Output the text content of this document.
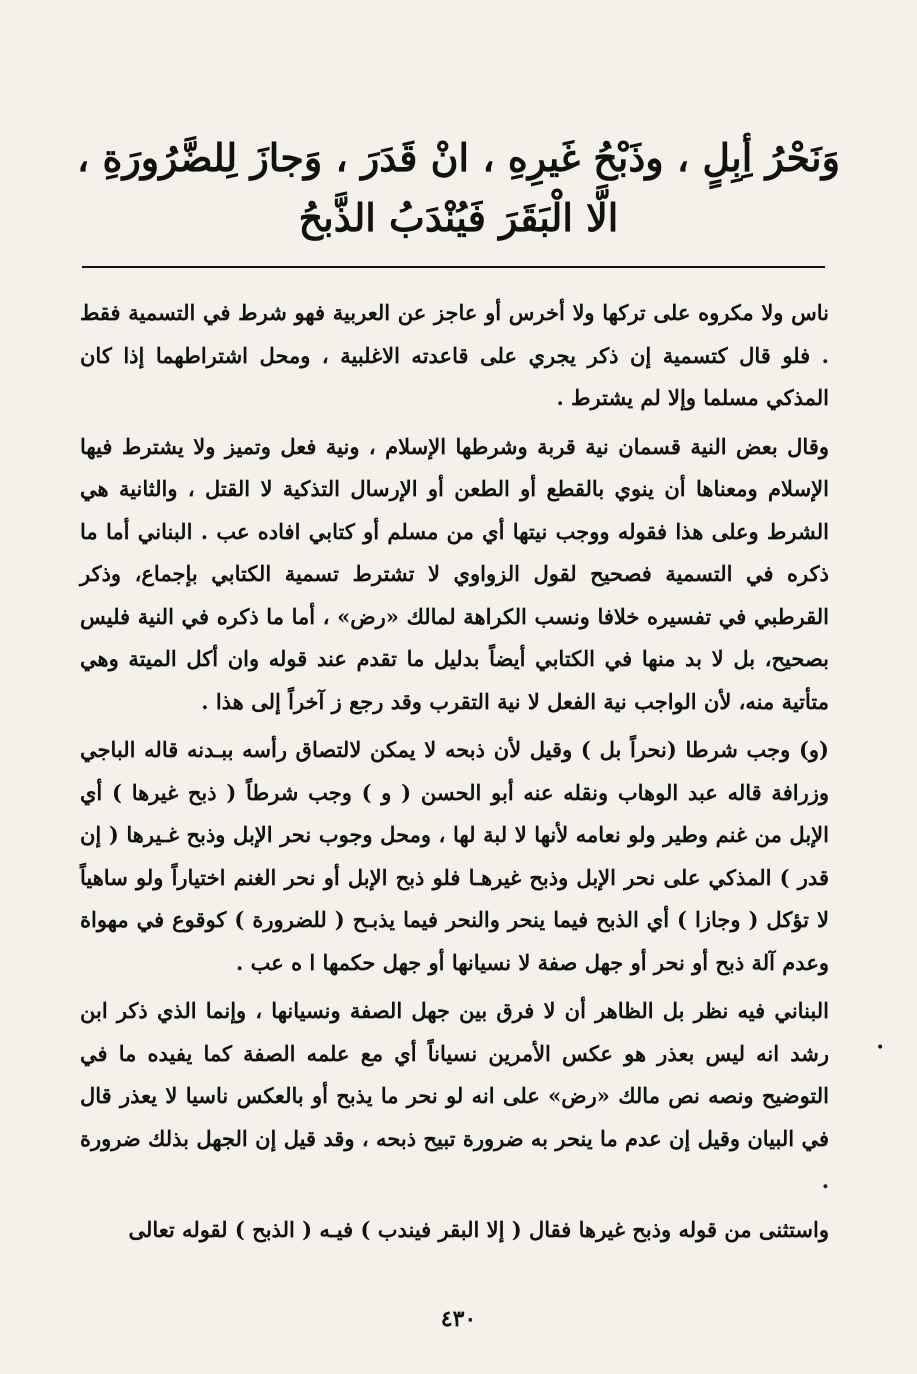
وَنَحْرُ أِبِلٍ ، وذَبْحُ غَيرِهِ ، انْ قَدَرَ ، وَجازَ لِلضَّرُورَةِ ،
الَّا الْبَقَرَ فَيُنْدَبُ الذَّبحُ

ناس ولا مكروه على تركها ولا أخرس أو عاجز عن العربية فهو شرط في التسمية فقط . فلو قال كتسمية إن ذكر يجري على قاعدته الاغلبية ، ومحل اشتراطهما إذا كان المذكي مسلما وإلا لم يشترط .

وقال بعض النية قسمان نية قربة وشرطها الإسلام ، ونية فعل وتميز ولا يشترط فيها الإسلام ومعناها أن ينوي بالقطع أو الطعن أو الإرسال التذكية لا القتل ، والثانية هي الشرط وعلى هذا فقوله ووجب نيتها أي من مسلم أو كتابي افاده عب . البناني أما ما ذكره في التسمية فصحيح لقول الزواوي لا تشترط تسمية الكتابي بإجماع، وذكر القرطبي في تفسيره خلافا ونسب الكراهة لمالك «رض» ، أما ما ذكره في النية فليس بصحيح، بل لا بد منها في الكتابي أيضاً بدليل ما تقدم عند قوله وان أكل الميتة وهي متأتية منه، لأن الواجب نية الفعل لا نية التقرب وقد رجع ز آخراً إلى هذا .

(و) وجب شرطا (نحراً بل ) وقيل لأن ذبحه لا يمكن لالتصاق رأسه ببـدنه قاله الباجي وزرافة قاله عبد الوهاب ونقله عنه أبو الحسن ( و ) وجب شرطاً ( ذبح غيرها ) أي الإبل من غنم وطير ولو نعامه لأنها لا لبة لها ، ومحل وجوب نحر الإبل وذبح غـيرها ( إن قدر ) المذكي على نحر الإبل وذبح غيرهـا فلو ذبح الإبل أو نحر الغنم اختياراً ولو ساهياً لا تؤكل ( وجازا ) أي الذبح فيما ينحر والنحر فيما يذبـح ( للضرورة ) كوقوع في مهواة وعدم آلة ذبح أو نحر أو جهل صفة لا نسيانها أو جهل حكمها ا ه عب .

البناني فيه نظر بل الظاهر أن لا فرق بين جهل الصفة ونسيانها ، وإنما الذي ذكر ابن رشد انه ليس بعذر هو عكس الأمرين نسياناً أي مع علمه الصفة كما يفيده ما في التوضيح ونصه نص مالك «رض» على انه لو نحر ما يذبح أو بالعكس ناسيا لا يعذر قال في البيان وقيل إن عدم ما ينحر به ضرورة تبيح ذبحه ، وقد قيل إن الجهل بذلك ضرورة .

واستثنى من قوله وذبح غيرها فقال ( إلا البقر فيندب ) فيـه ( الذبح ) لقوله تعالى

•
٤٣٠
